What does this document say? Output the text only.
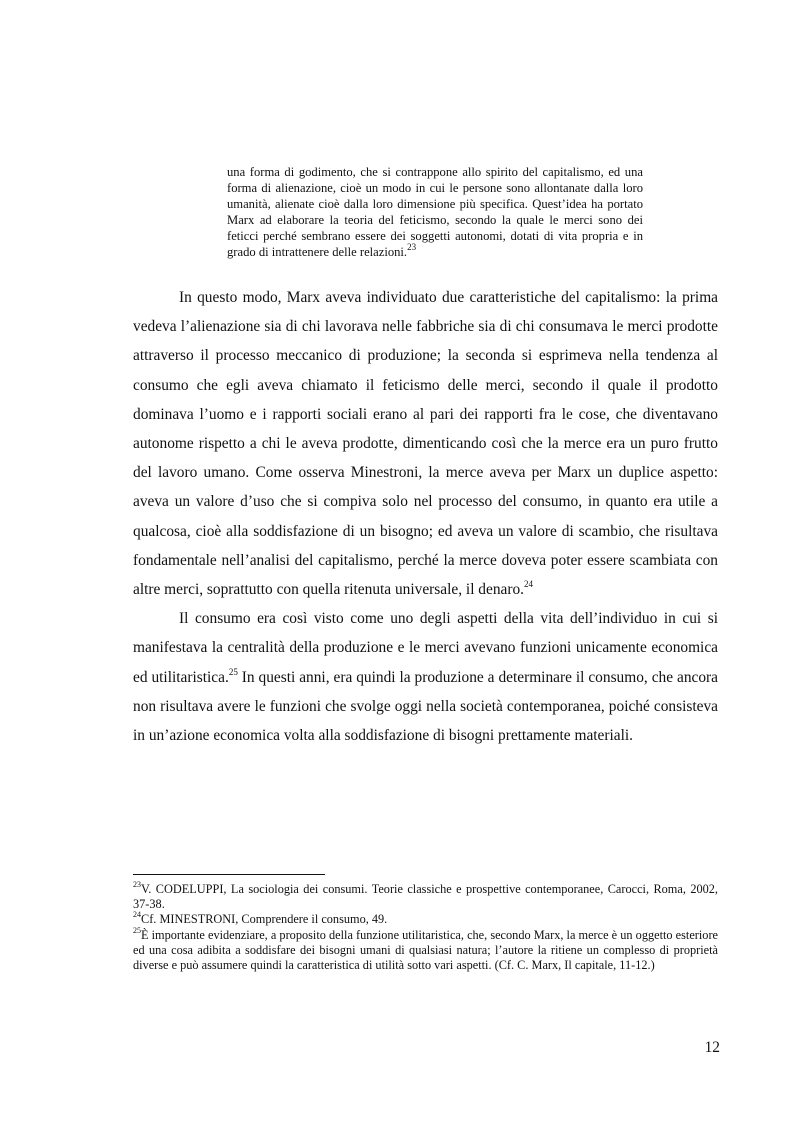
una forma di godimento, che si contrappone allo spirito del capitalismo, ed una forma di alienazione, cioè un modo in cui le persone sono allontanate dalla loro umanità, alienate cioè dalla loro dimensione più specifica. Quest’idea ha portato Marx ad elaborare la teoria del feticismo, secondo la quale le merci sono dei feticci perché sembrano essere dei soggetti autonomi, dotati di vita propria e in grado di intrattenere delle relazioni.$^{23}$

In questo modo, Marx aveva individuato due caratteristiche del capitalismo: la prima vedeva l’alienazione sia di chi lavorava nelle fabbriche sia di chi consumava le merci prodotte attraverso il processo meccanico di produzione; la seconda si esprimeva nella tendenza al consumo che egli aveva chiamato il feticismo delle merci, secondo il quale il prodotto dominava l’uomo e i rapporti sociali erano al pari dei rapporti fra le cose, che diventavano autonome rispetto a chi le aveva prodotte, dimenticando così che la merce era un puro frutto del lavoro umano. Come osserva Minestroni, la merce aveva per Marx un duplice aspetto: aveva un valore d’uso che si compiva solo nel processo del consumo, in quanto era utile a qualcosa, cioè alla soddisfazione di un bisogno; ed aveva un valore di scambio, che risultava fondamentale nell’analisi del capitalismo, perché la merce doveva poter essere scambiata con altre merci, soprattutto con quella ritenuta universale, il denaro.$^{24}$

Il consumo era così visto come uno degli aspetti della vita dell’individuo in cui si manifestava la centralità della produzione e le merci avevano funzioni unicamente economica ed utilitaristica.$^{25}$ In questi anni, era quindi la produzione a determinare il consumo, che ancora non risultava avere le funzioni che svolge oggi nella società contemporanea, poiché consisteva in un’azione economica volta alla soddisfazione di bisogni prettamente materiali.

$^{23}$V. CODELUPPI, La sociologia dei consumi. Teorie classiche e prospettive contemporanee, Carocci, Roma, 2002, 37-38.

$^{24}$Cf. MINESTRONI, Comprendere il consumo, 49.

$^{25}$È importante evidenziare, a proposito della funzione utilitaristica, che, secondo Marx, la merce è un oggetto esteriore ed una cosa adibita a soddisfare dei bisogni umani di qualsiasi natura; l’autore la ritiene un complesso di proprietà diverse e può assumere quindi la caratteristica di utilità sotto vari aspetti. (Cf. C. Marx, Il capitale, 11-12.)

12
